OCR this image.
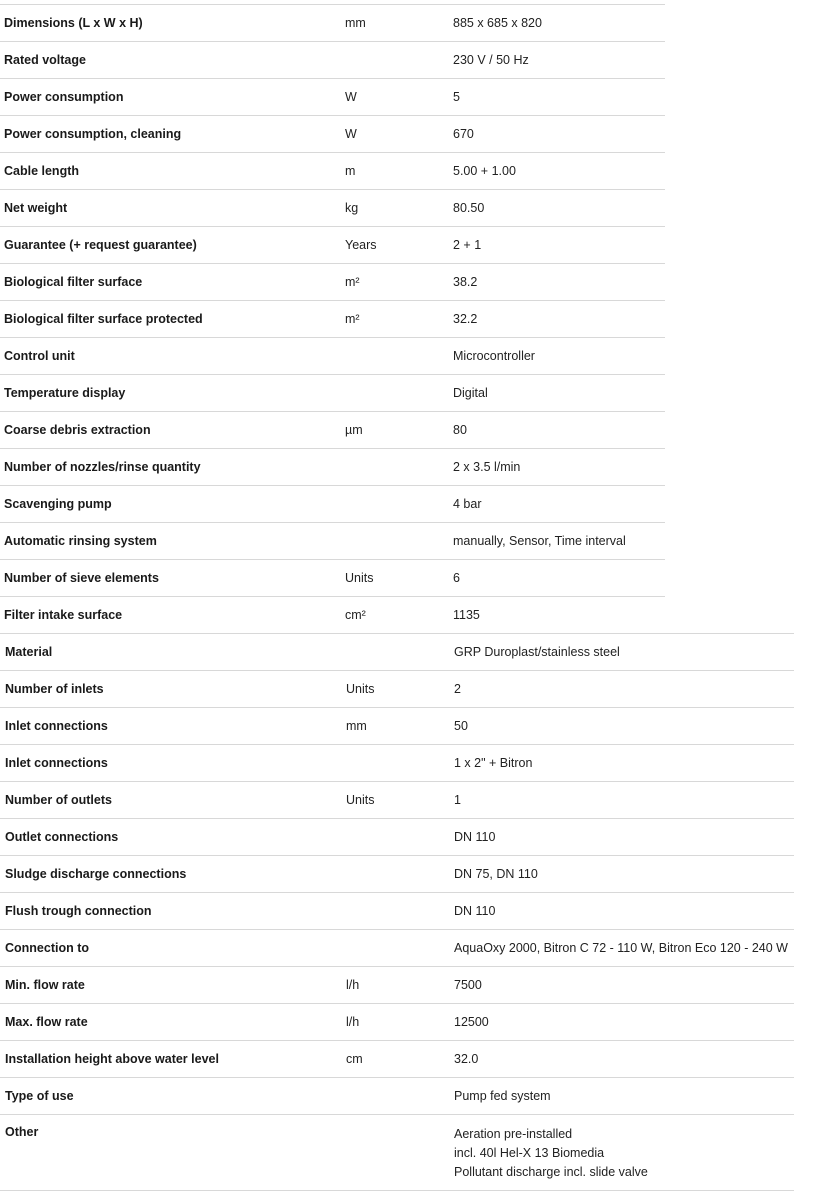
Dimensions (L x W x H)	mm	885 x 685 x 820
Rated voltage		230 V / 50 Hz
Power consumption	W	5
Power consumption, cleaning	W	670
Cable length	m	5.00 + 1.00
Net weight	kg	80.50
Guarantee (+ request guarantee)	Years	2 + 1
Biological filter surface	m²	38.2
Biological filter surface protected	m²	32.2
Control unit		Microcontroller
Temperature display		Digital
Coarse debris extraction	µm	80
Number of nozzles/rinse quantity		2 x 3.5 l/min
Scavenging pump		4 bar
Automatic rinsing system		manually, Sensor, Time interval
Number of sieve elements	Units	6
Filter intake surface	cm²	1135
Material		GRP Duroplast/stainless steel
Number of inlets	Units	2
Inlet connections	mm	50
Inlet connections		1 x 2" + Bitron
Number of outlets	Units	1
Outlet connections		DN 110
Sludge discharge connections		DN 75, DN 110
Flush trough connection		DN 110
Connection to		AquaOxy 2000, Bitron C 72 - 110 W, Bitron Eco 120 - 240 W
Min. flow rate	l/h	7500
Max. flow rate	l/h	12500
Installation height above water level	cm	32.0
Type of use		Pump fed system
Other		Aeration pre-installed
incl. 40l Hel-X 13 Biomedia
Pollutant discharge incl. slide valve
